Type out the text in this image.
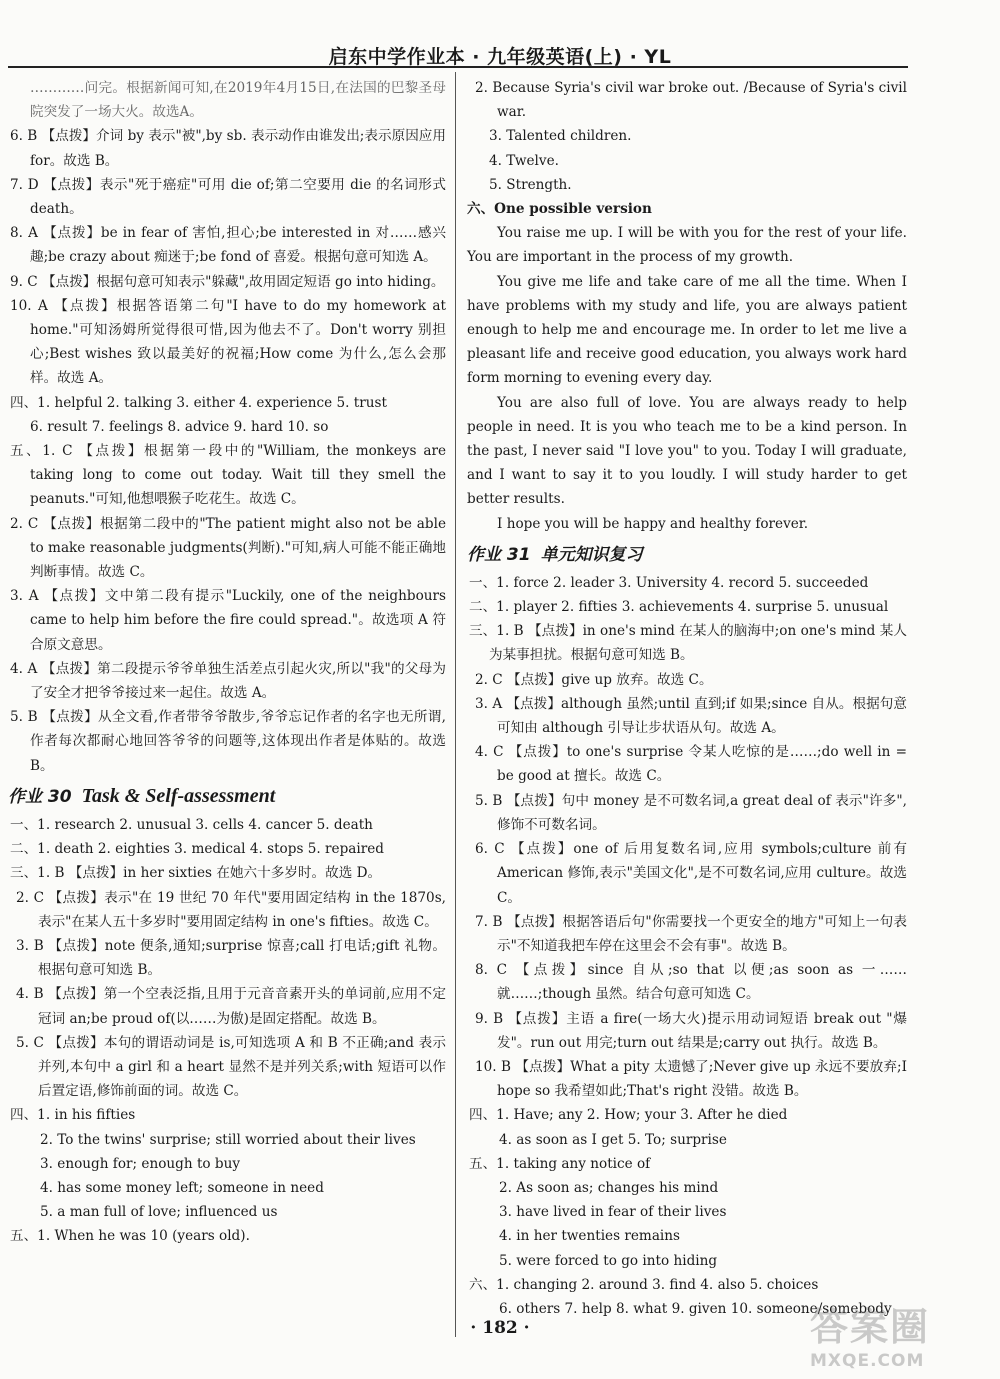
启东中学作业本 · 九年级英语(上) · YL
…………问完。根据新闻可知,在2019年4月15日,在法国的巴黎圣母院突发了一场大火。故选A。
6. B 【点拨】介词 by 表示"被",by sb. 表示动作由谁发出;表示原因应用 for。故选 B。
7. D 【点拨】表示"死于癌症"可用 die of;第二空要用 die 的名词形式 death。
8. A 【点拨】be in fear of 害怕,担心;be interested in 对……感兴趣;be crazy about 痴迷于;be fond of 喜爱。根据句意可知选 A。
9. C 【点拨】根据句意可知表示"躲藏",故用固定短语 go into hiding。
10. A 【点拨】根据答语第二句"I have to do my homework at home."可知汤姆所觉得很可惜,因为他去不了。Don't worry 别担心;Best wishes 致以最美好的祝福;How come 为什么,怎么会那样。故选 A。
四、1. helpful 2. talking 3. either 4. experience 5. trust
6. result 7. feelings 8. advice 9. hard 10. so
五、1. C 【点拨】根据第一段中的"William, the monkeys are taking long to come out today. Wait till they smell the peanuts."可知,他想喂猴子吃花生。故选 C。
2. C 【点拨】根据第二段中的"The patient might also not be able to make reasonable judgments(判断)."可知,病人可能不能正确地判断事情。故选 C。
3. A 【点拨】文中第二段有提示"Luckily, one of the neighbours came to help him before the fire could spread."。故选项 A 符合原文意思。
4. A 【点拨】第二段提示爷爷单独生活差点引起火灾,所以"我"的父母为了安全才把爷爷接过来一起住。故选 A。
5. B 【点拨】从全文看,作者带爷爷散步,爷爷忘记作者的名字也无所谓,作者每次都耐心地回答爷爷的问题等,这体现出作者是体贴的。故选 B。
作业 30 Task & Self-assessment
一、1. research 2. unusual 3. cells 4. cancer 5. death
二、1. death 2. eighties 3. medical 4. stops 5. repaired
三、1. B 【点拨】in her sixties 在她六十多岁时。故选 D。
2. C 【点拨】表示"在 19 世纪 70 年代"要用固定结构 in the 1870s,表示"在某人五十多岁时"要用固定结构 in one's fifties。故选 C。
3. B 【点拨】note 便条,通知;surprise 惊喜;call 打电话;gift 礼物。根据句意可知选 B。
4. B 【点拨】第一个空表泛指,且用于元音音素开头的单词前,应用不定冠词 an;be proud of(以……为傲)是固定搭配。故选 B。
5. C 【点拨】本句的谓语动词是 is,可知选项 A 和 B 不正确;and 表示并列,本句中 a girl 和 a heart 显然不是并列关系;with 短语可以作后置定语,修饰前面的词。故选 C。
四、1. in his fifties
2. To the twins' surprise; still worried about their lives
3. enough for; enough to buy
4. has some money left; someone in need
5. a man full of love; influenced us
五、1. When he was 10 (years old).
2. Because Syria's civil war broke out. /Because of Syria's civil war.
3. Talented children.
4. Twelve.
5. Strength.
六、One possible version
You raise me up. I will be with you for the rest of your life. You are important in the process of my growth.
You give me life and take care of me all the time. When I have problems with my study and life, you are always patient enough to help me and encourage me. In order to let me live a pleasant life and receive good education, you always work hard form morning to evening every day.
You are also full of love. You are always ready to help people in need. It is you who teach me to be a kind person. In the past, I never said "I love you" to you. Today I will graduate, and I want to say it to you loudly. I will study harder to get better results.
I hope you will be happy and healthy forever.
作业 31 单元知识复习
一、1. force 2. leader 3. University 4. record 5. succeeded
二、1. player 2. fifties 3. achievements 4. surprise 5. unusual
三、1. B 【点拨】in one's mind 在某人的脑海中;on one's mind 某人为某事担扰。根据句意可知选 B。
2. C 【点拨】give up 放弃。故选 C。
3. A 【点拨】although 虽然;until 直到;if 如果;since 自从。根据句意可知由 although 引导让步状语从句。故选 A。
4. C 【点拨】to one's surprise 令某人吃惊的是……;do well in = be good at 擅长。故选 C。
5. B 【点拨】句中 money 是不可数名词,a great deal of 表示"许多",修饰不可数名词。
6. C 【点拨】one of 后用复数名词,应用 symbols;culture 前有 American 修饰,表示"美国文化",是不可数名词,应用 culture。故选 C。
7. B 【点拨】根据答语后句"你需要找一个更安全的地方"可知上一句表示"不知道我把车停在这里会不会有事"。故选 B。
8. C 【点拨】since 自从;so that 以便;as soon as 一……就……;though 虽然。结合句意可知选 C。
9. B 【点拨】主语 a fire(一场大火)提示用动词短语 break out "爆发"。run out 用完;turn out 结果是;carry out 执行。故选 B。
10. B 【点拨】What a pity 太遗憾了;Never give up 永远不要放弃;I hope so 我希望如此;That's right 没错。故选 B。
四、1. Have; any 2. How; your 3. After he died
4. as soon as I get 5. To; surprise
五、1. taking any notice of
2. As soon as; changes his mind
3. have lived in fear of their lives
4. in her twenties remains
5. were forced to go into hiding
六、1. changing 2. around 3. find 4. also 5. choices
6. others 7. help 8. what 9. given 10. someone/somebody
· 182 ·	答案圈
MXQE.COM
